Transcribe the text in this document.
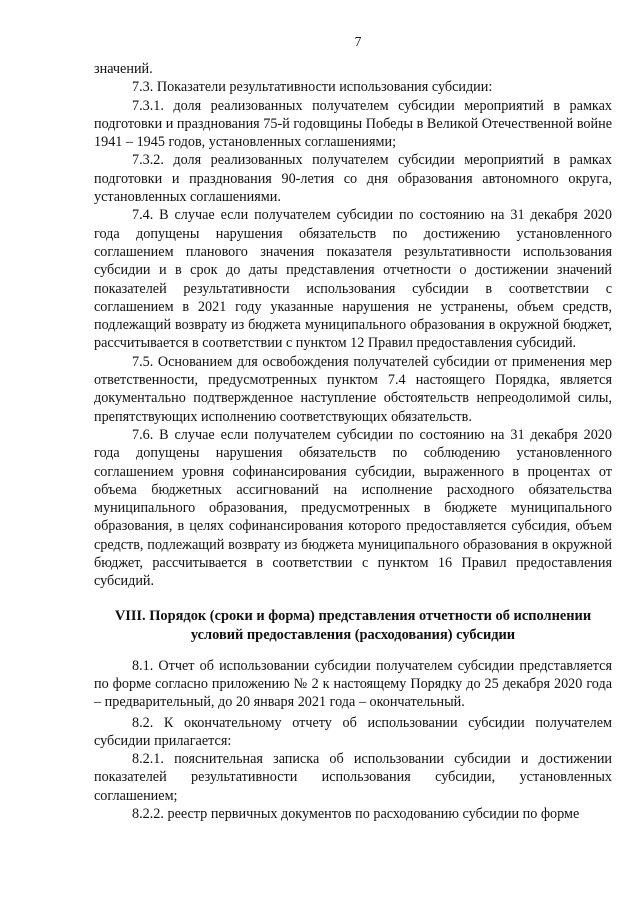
7

значений.

7.3. Показатели результативности использования субсидии:

7.3.1. доля реализованных получателем субсидии мероприятий в рамках подготовки и празднования 75-й годовщины Победы в Великой Отечественной войне 1941 – 1945 годов, установленных соглашениями;

7.3.2. доля реализованных получателем субсидии мероприятий в рамках подготовки и празднования 90-летия со дня образования автономного округа, установленных соглашениями.

7.4. В случае если получателем субсидии по состоянию на 31 декабря 2020 года допущены нарушения обязательств по достижению установленного соглашением планового значения показателя результативности использования субсидии и в срок до даты представления отчетности о достижении значений показателей результативности использования субсидии в соответствии с соглашением в 2021 году указанные нарушения не устранены, объем средств, подлежащий возврату из бюджета муниципального образования в окружной бюджет, рассчитывается в соответствии с пунктом 12 Правил предоставления субсидий.

7.5. Основанием для освобождения получателей субсидии от применения мер ответственности, предусмотренных пунктом 7.4 настоящего Порядка, является документально подтвержденное наступление обстоятельств непреодолимой силы, препятствующих исполнению соответствующих обязательств.

7.6. В случае если получателем субсидии по состоянию на 31 декабря 2020 года допущены нарушения обязательств по соблюдению установленного соглашением уровня софинансирования субсидии, выраженного в процентах от объема бюджетных ассигнований на исполнение расходного обязательства муниципального образования, предусмотренных в бюджете муниципального образования, в целях софинансирования которого предоставляется субсидия, объем средств, подлежащий возврату из бюджета муниципального образования в окружной бюджет, рассчитывается в соответствии с пунктом 16 Правил предоставления субсидий.

VIII. Порядок (сроки и форма) представления отчетности об исполнении условий предоставления (расходования) субсидии

8.1. Отчет об использовании субсидии получателем субсидии представляется по форме согласно приложению № 2 к настоящему Порядку до 25 декабря 2020 года – предварительный, до 20 января 2021 года – окончательный.

8.2. К окончательному отчету об использовании субсидии получателем субсидии прилагается:

8.2.1. пояснительная записка об использовании субсидии и достижении показателей результативности использования субсидии, установленных соглашением;

8.2.2. реестр первичных документов по расходованию субсидии по форме
